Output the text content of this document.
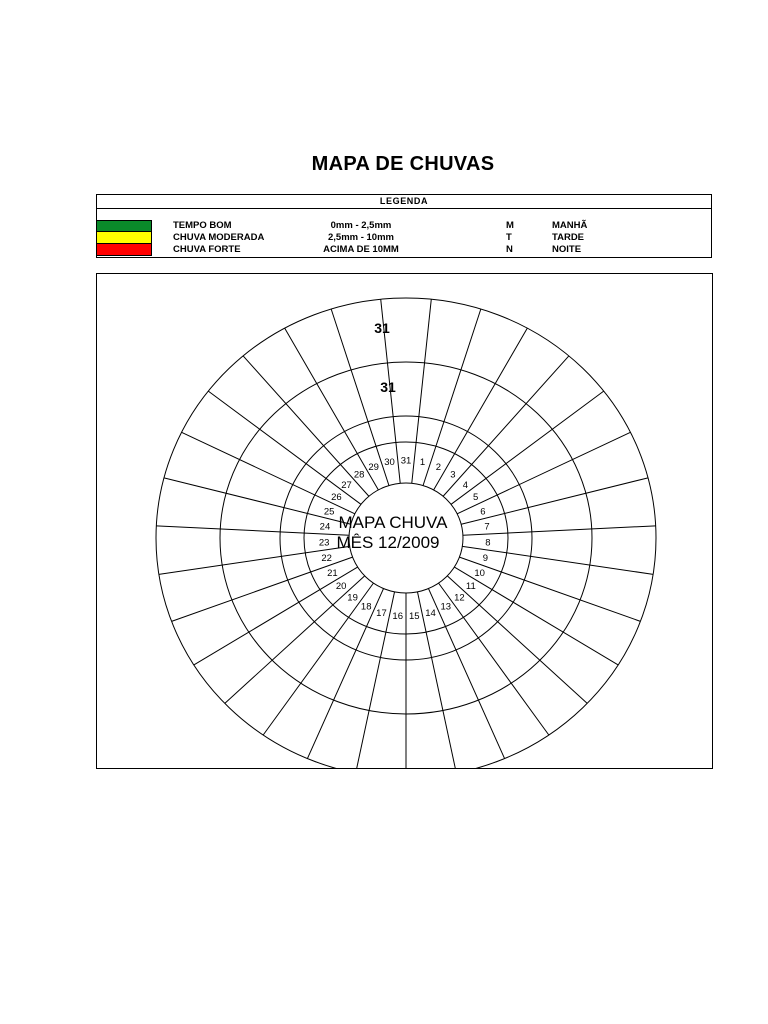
MAPA DE CHUVAS
LEGENDA
TEMPO BOM	0mm - 2,5mm	M	MANHÃ
CHUVA MODERADA	2,5mm - 10mm	T	TARDE
CHUVA FORTE	ACIMA DE 10MM	N	NOITE
1 2
3
4
5
6
7
8
9
10
11
12
13
14
15
16
17
18
19
20
21
22
23
24
25
26
27
28
29 30 31
31
31
MAPA CHUVA
MÊS 12/2009
